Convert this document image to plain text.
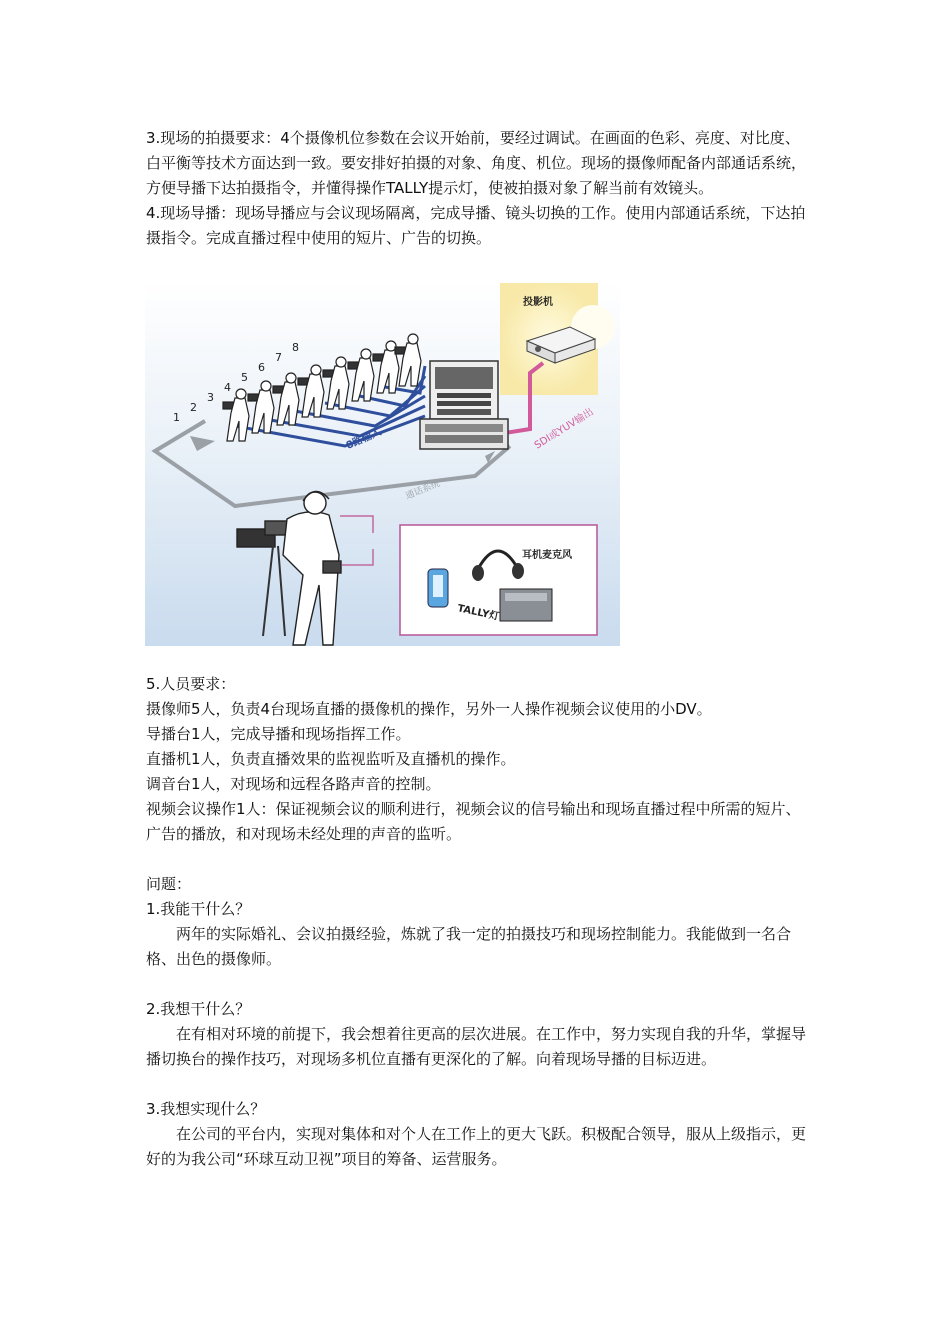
3.现场的拍摄要求：4个摄像机位参数在会议开始前，要经过调试。在画面的色彩、亮度、对比度、白平衡等技术方面达到一致。要安排好拍摄的对象、角度、机位。现场的摄像师配备内部通话系统，方便导播下达拍摄指令，并懂得操作TALLY提示灯，使被拍摄对象了解当前有效镜头。

4.现场导播：现场导播应与会议现场隔离，完成导播、镜头切换的工作。使用内部通话系统，下达拍摄指令。完成直播过程中使用的短片、广告的切换。

投影机
SDI或YUV输出
通话系统
8路输入
1
2
3
4
5
6
7
8
耳机麦克风
TALLY灯

5.人员要求：

摄像师5人，负责4台现场直播的摄像机的操作，另外一人操作视频会议使用的小DV。

导播台1人，完成导播和现场指挥工作。

直播机1人，负责直播效果的监视监听及直播机的操作。

调音台1人，对现场和远程各路声音的控制。

视频会议操作1人：保证视频会议的顺利进行，视频会议的信号输出和现场直播过程中所需的短片、广告的播放，和对现场未经处理的声音的监听。

问题：

1.我能干什么？

两年的实际婚礼、会议拍摄经验，炼就了我一定的拍摄技巧和现场控制能力。我能做到一名合格、出色的摄像师。

2.我想干什么？

在有相对环境的前提下，我会想着往更高的层次进展。在工作中，努力实现自我的升华，掌握导播切换台的操作技巧，对现场多机位直播有更深化的了解。向着现场导播的目标迈进。

3.我想实现什么？

在公司的平台内，实现对集体和对个人在工作上的更大飞跃。积极配合领导，服从上级指示，更好的为我公司“环球互动卫视”项目的筹备、运营服务。
